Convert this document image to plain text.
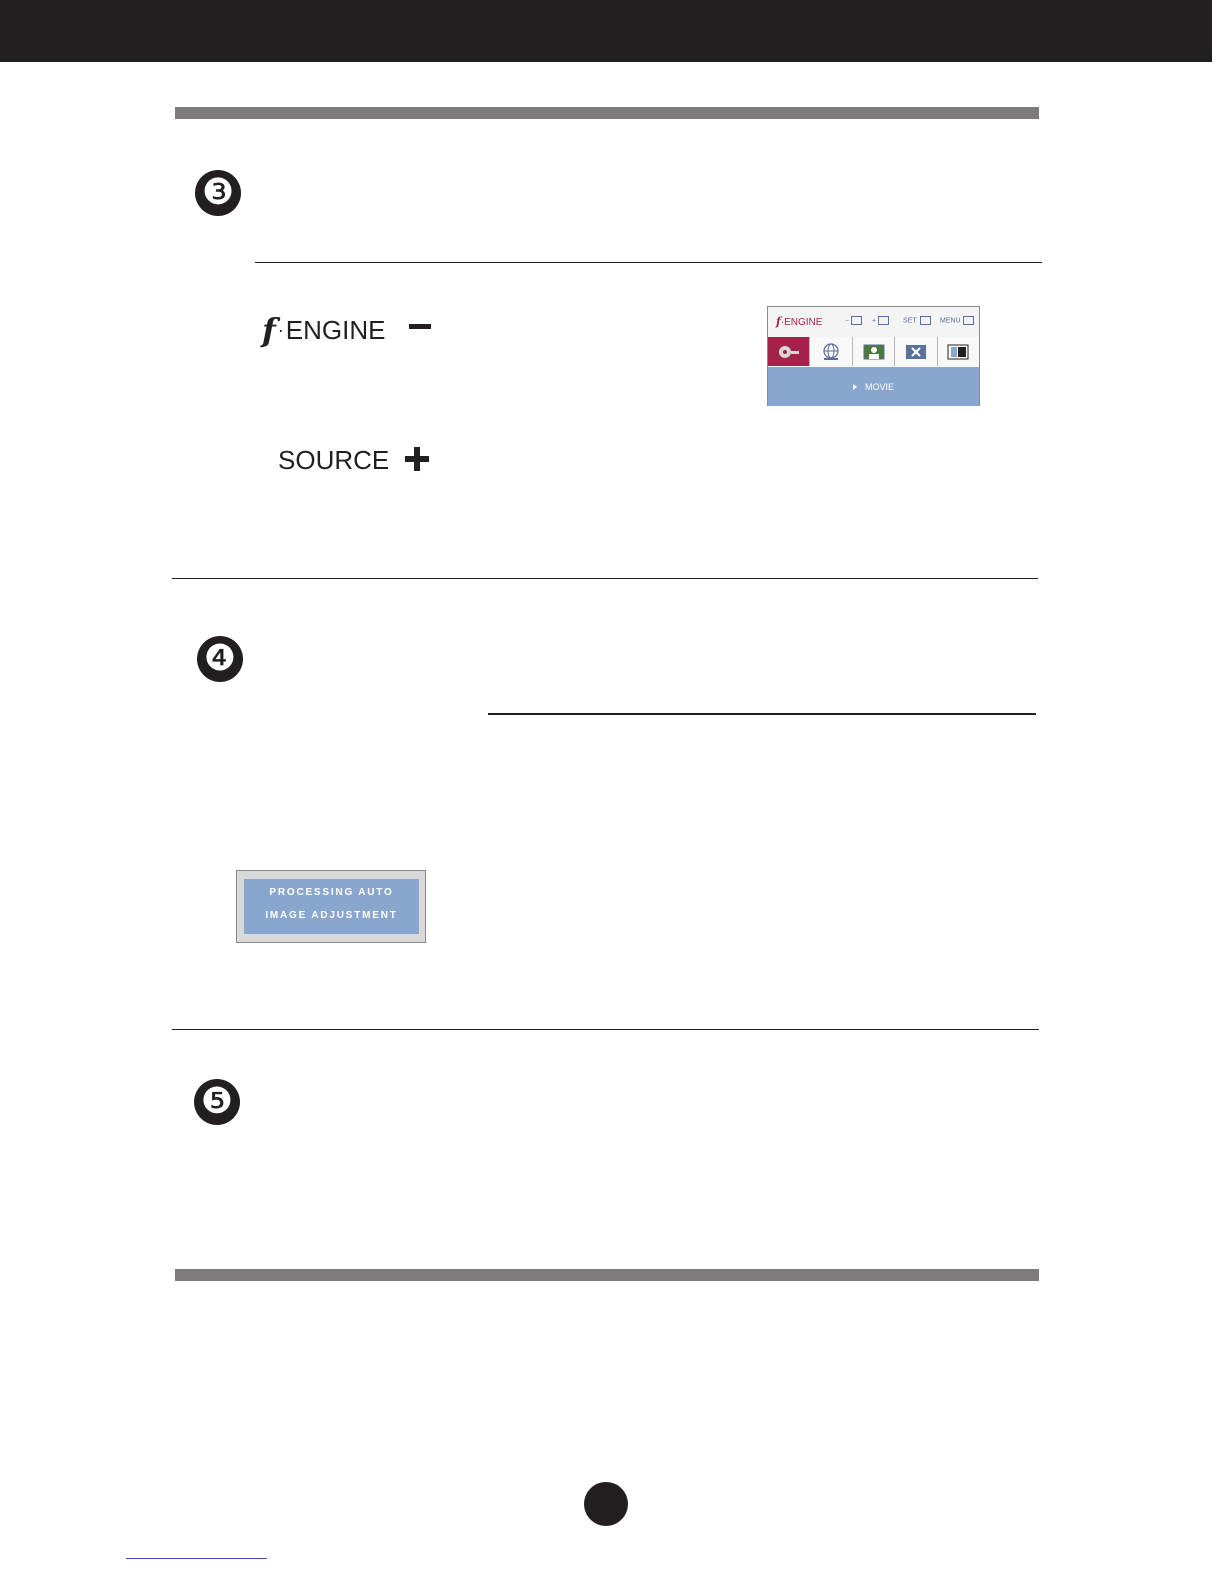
❸
f · ENGINE
SOURCE
f·ENGINE	−	+	SET	MENU
MOVIE
❹
PROCESSING AUTO
IMAGE ADJUSTMENT
❺
